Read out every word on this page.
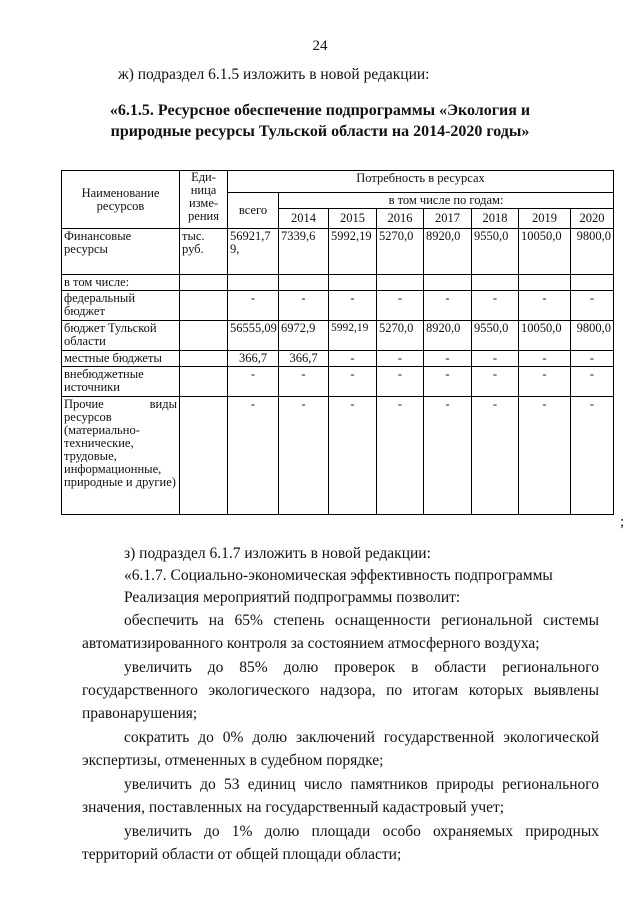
24
ж) подраздел 6.1.5 изложить в новой редакции:
«6.1.5. Ресурсное обеспечение подпрограммы «Экология и
природные ресурсы Тульской области на 2014-2020 годы»
Наименование ресурсов	Еди-
ница
изме-
рения	Потребность в ресурсах							
		всего	в том числе по годам:						
			2014	2015	2016	2017	2018	2019	2020
Финансовые ресурсы	тыс. руб.	56921,79,	7339,6	5992,19	5270,0	8920,0	9550,0	10050,0	9800,0
в том числе:									
федеральный бюджет		-	-	-	-	-	-	-	-
бюджет Тульской области		56555,09	6972,9	5992,19	5270,0	8920,0	9550,0	10050,0	9800,0
местные бюджеты		366,7	366,7	-	-	-	-	-	-
внебюджетные источники		-	-	-	-	-	-	-	-
Прочие виды ресурсов (материально-технические, трудовые, информационные, природные и другие)		-	-	-	-	-	-	-	-
;
з) подраздел 6.1.7 изложить в новой редакции:
«6.1.7. Социально-экономическая эффективность подпрограммы
Реализация мероприятий подпрограммы позволит:

обеспечить на 65% степень оснащенности региональной системы автоматизированного контроля за состоянием атмосферного воздуха;

увеличить до 85% долю проверок в области регионального государственного экологического надзора, по итогам которых выявлены правонарушения;

сократить до 0% долю заключений государственной экологической экспертизы, отмененных в судебном порядке;

увеличить до 53 единиц число памятников природы регионального значения, поставленных на государственный кадастровый учет;

увеличить до 1% долю площади особо охраняемых природных территорий области от общей площади области;
